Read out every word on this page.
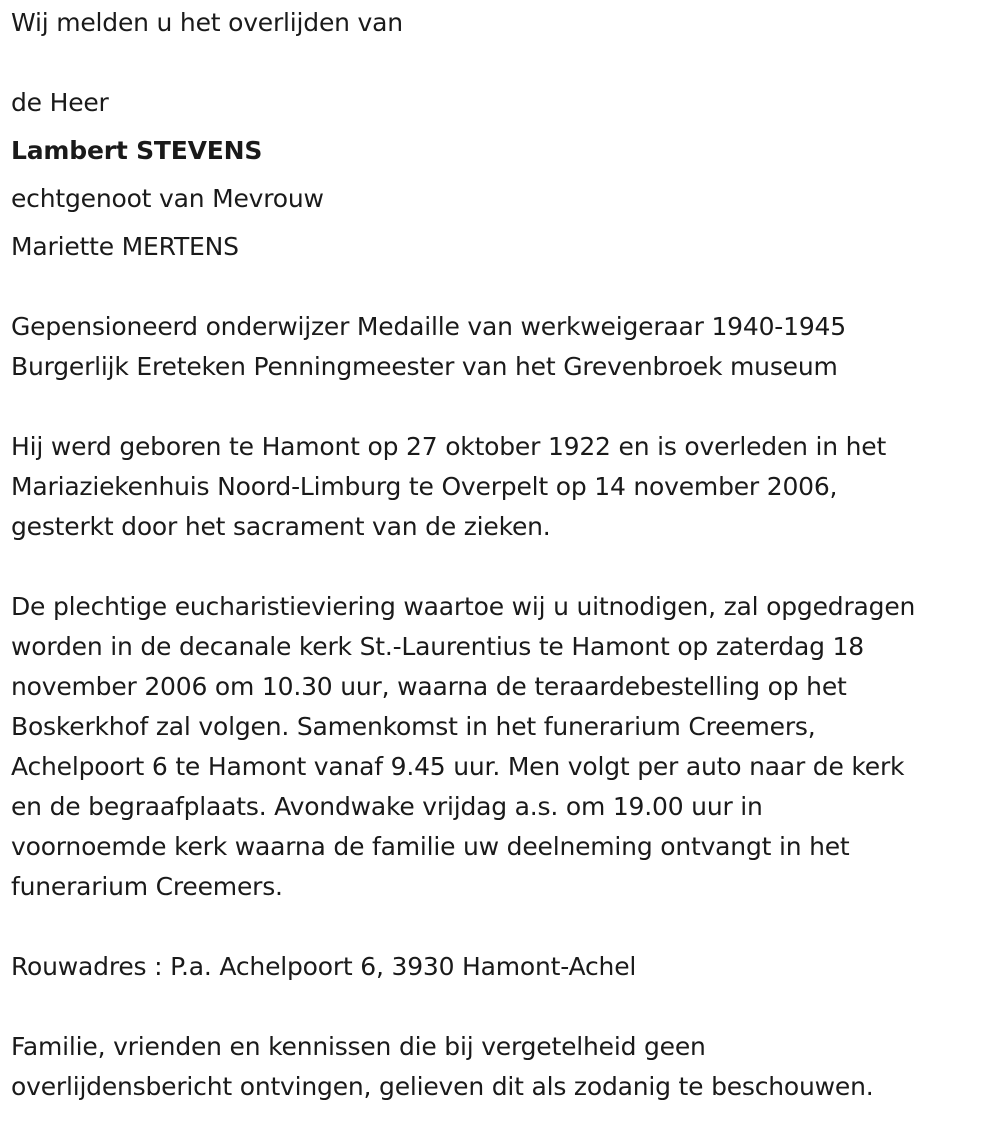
Wij melden u het overlijden van
de Heer
Lambert STEVENS
echtgenoot van Mevrouw
Mariette MERTENS
Gepensioneerd onderwijzer Medaille van werkweigeraar 1940-1945
Burgerlijk Ereteken Penningmeester van het Grevenbroek museum
Hij werd geboren te Hamont op 27 oktober 1922 en is overleden in het
Mariaziekenhuis Noord-Limburg te Overpelt op 14 november 2006,
gesterkt door het sacrament van de zieken.
De plechtige eucharistieviering waartoe wij u uitnodigen, zal opgedragen
worden in de decanale kerk St.-Laurentius te Hamont op zaterdag 18
november 2006 om 10.30 uur, waarna de teraardebestelling op het
Boskerkhof zal volgen. Samenkomst in het funerarium Creemers,
Achelpoort 6 te Hamont vanaf 9.45 uur. Men volgt per auto naar de kerk
en de begraafplaats. Avondwake vrijdag a.s. om 19.00 uur in
voornoemde kerk waarna de familie uw deelneming ontvangt in het
funerarium Creemers.
Rouwadres : P.a. Achelpoort 6, 3930 Hamont-Achel
Familie, vrienden en kennissen die bij vergetelheid geen
overlijdensbericht ontvingen, gelieven dit als zodanig te beschouwen.
